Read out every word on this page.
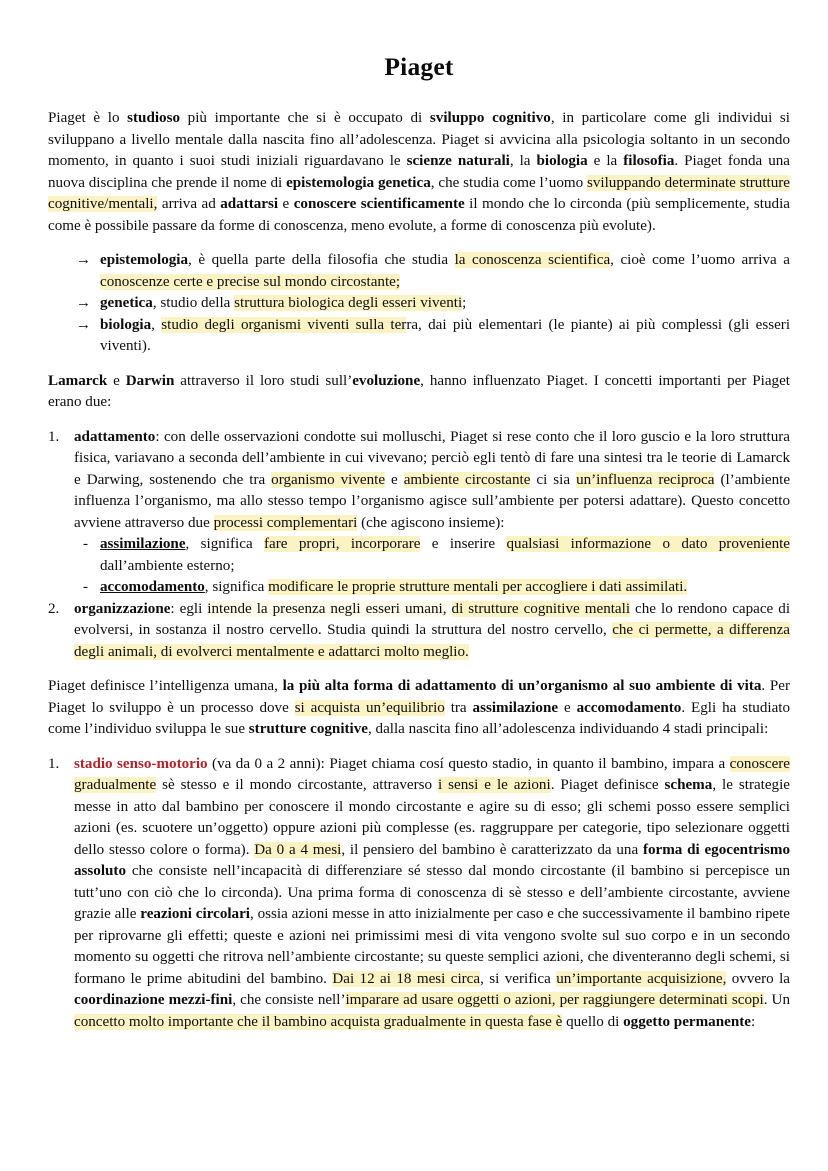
Piaget

Piaget è lo studioso più importante che si è occupato di sviluppo cognitivo, in particolare come gli individui si sviluppano a livello mentale dalla nascita fino all’adolescenza. Piaget si avvicina alla psicologia soltanto in un secondo momento, in quanto i suoi studi iniziali riguardavano le scienze naturali, la biologia e la filosofia. Piaget fonda una nuova disciplina che prende il nome di epistemologia genetica, che studia come l’uomo sviluppando determinate strutture cognitive/mentali, arriva ad adattarsi e conoscere scientificamente il mondo che lo circonda (più semplicemente, studia come è possibile passare da forme di conoscenza, meno evolute, a forme di conoscenza più evolute).

→ epistemologia, è quella parte della filosofia che studia la conoscenza scientifica, cioè come l’uomo arriva a conoscenze certe e precise sul mondo circostante;
→ genetica, studio della struttura biologica degli esseri viventi;
→ biologia, studio degli organismi viventi sulla terra, dai più elementari (le piante) ai più complessi (gli esseri viventi).

Lamarck e Darwin attraverso il loro studi sull’evoluzione, hanno influenzato Piaget. I concetti importanti per Piaget erano due:

1. adattamento: con delle osservazioni condotte sui molluschi, Piaget si rese conto che il loro guscio e la loro struttura fisica, variavano a seconda dell’ambiente in cui vivevano; perciò egli tentò di fare una sintesi tra le teorie di Lamarck e Darwing, sostenendo che tra organismo vivente e ambiente circostante ci sia un’influenza reciproca (l’ambiente influenza l’organismo, ma allo stesso tempo l’organismo agisce sull’ambiente per potersi adattare). Questo concetto avviene attraverso due processi complementari (che agiscono insieme):
- assimilazione, significa fare propri, incorporare e inserire qualsiasi informazione o dato proveniente dall’ambiente esterno;
- accomodamento, significa modificare le proprie strutture mentali per accogliere i dati assimilati.
2. organizzazione: egli intende la presenza negli esseri umani, di strutture cognitive mentali che lo rendono capace di evolversi, in sostanza il nostro cervello. Studia quindi la struttura del nostro cervello, che ci permette, a differenza degli animali, di evolverci mentalmente e adattarci molto meglio.

Piaget definisce l’intelligenza umana, la più alta forma di adattamento di un’organismo al suo ambiente di vita. Per Piaget lo sviluppo è un processo dove si acquista un’equilibrio tra assimilazione e accomodamento. Egli ha studiato come l’individuo sviluppa le sue strutture cognitive, dalla nascita fino all’adolescenza individuando 4 stadi principali:

1. stadio senso-motorio (va da 0 a 2 anni): Piaget chiama cosí questo stadio, in quanto il bambino, impara a conoscere gradualmente sè stesso e il mondo circostante, attraverso i sensi e le azioni. Piaget definisce schema, le strategie messe in atto dal bambino per conoscere il mondo circostante e agire su di esso; gli schemi posso essere semplici azioni (es. scuotere un’oggetto) oppure azioni più complesse (es. raggruppare per categorie, tipo selezionare oggetti dello stesso colore o forma). Da 0 a 4 mesi, il pensiero del bambino è caratterizzato da una forma di egocentrismo assoluto che consiste nell’incapacità di differenziare sé stesso dal mondo circostante (il bambino si percepisce un tutt’uno con ciò che lo circonda). Una prima forma di conoscenza di sè stesso e dell’ambiente circostante, avviene grazie alle reazioni circolari, ossia azioni messe in atto inizialmente per caso e che successivamente il bambino ripete per riprovarne gli effetti; queste e azioni nei primissimi mesi di vita vengono svolte sul suo corpo e in un secondo momento su oggetti che ritrova nell’ambiente circostante; su queste semplici azioni, che diventeranno degli schemi, si formano le prime abitudini del bambino. Dai 12 ai 18 mesi circa, si verifica un’importante acquisizione, ovvero la coordinazione mezzi-fini, che consiste nell’imparare ad usare oggetti o azioni, per raggiungere determinati scopi. Un concetto molto importante che il bambino acquista gradualmente in questa fase è quello di oggetto permanente:
